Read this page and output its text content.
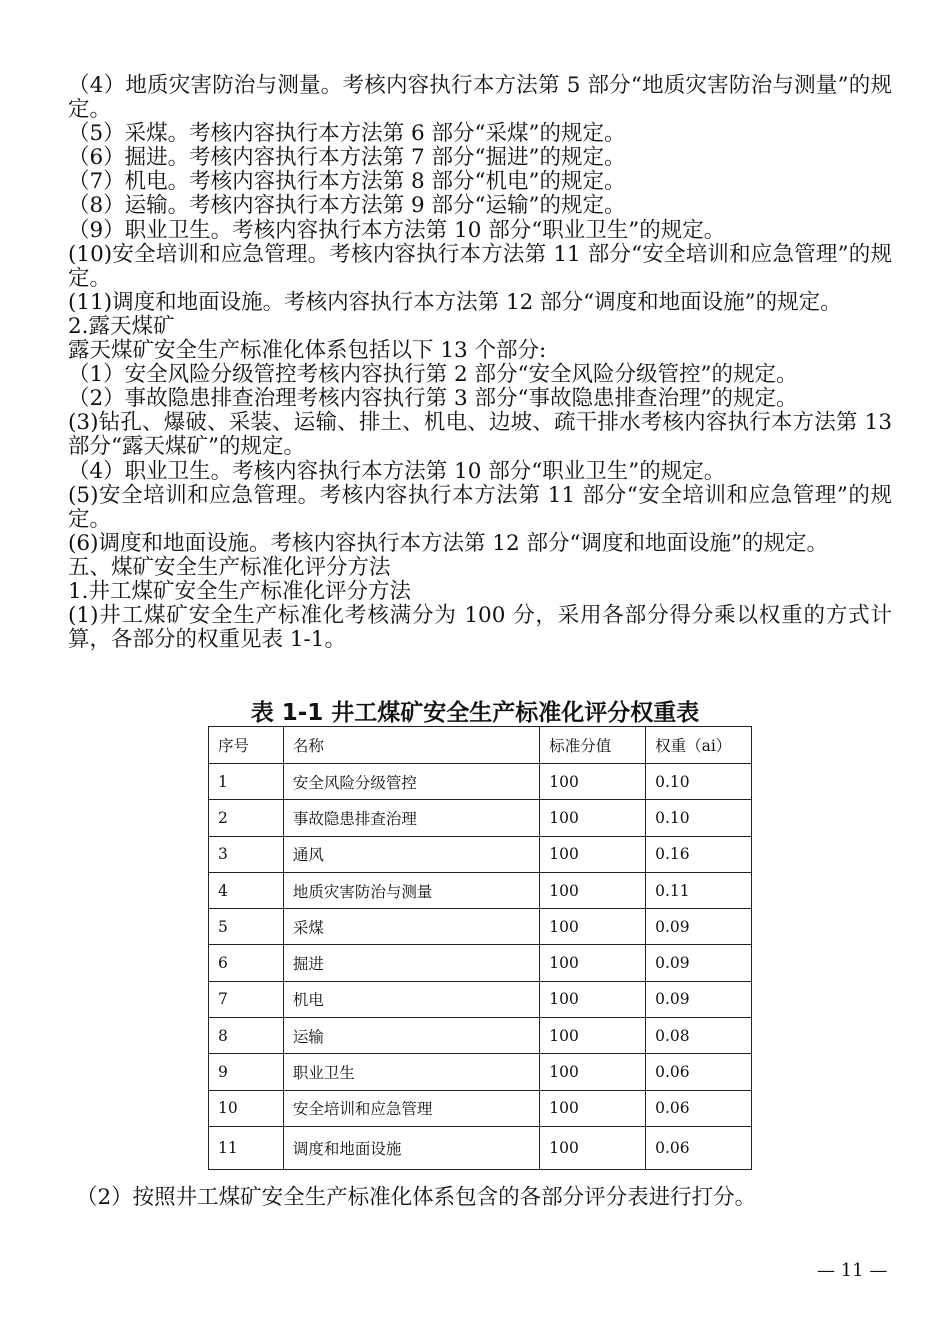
（4）地质灾害防治与测量。考核内容执行本方法第 5 部分“地质灾害防治与测量”的规定。

（5）采煤。考核内容执行本方法第 6 部分“采煤”的规定。

（6）掘进。考核内容执行本方法第 7 部分“掘进”的规定。

（7）机电。考核内容执行本方法第 8 部分“机电”的规定。

（8）运输。考核内容执行本方法第 9 部分“运输”的规定。

（9）职业卫生。考核内容执行本方法第 10 部分“职业卫生”的规定。

(10)安全培训和应急管理。考核内容执行本方法第 11 部分“安全培训和应急管理”的规定。

(11)调度和地面设施。考核内容执行本方法第 12 部分“调度和地面设施”的规定。

2.露天煤矿

露天煤矿安全生产标准化体系包括以下 13 个部分:

（1）安全风险分级管控考核内容执行第 2 部分“安全风险分级管控”的规定。

（2）事故隐患排查治理考核内容执行第 3 部分“事故隐患排查治理”的规定。

(3)钻孔、爆破、采装、运输、排土、机电、边坡、疏干排水考核内容执行本方法第 13 部分“露天煤矿”的规定。

（4）职业卫生。考核内容执行本方法第 10 部分“职业卫生”的规定。

(5)安全培训和应急管理。考核内容执行本方法第 11 部分“安全培训和应急管理”的规定。

(6)调度和地面设施。考核内容执行本方法第 12 部分“调度和地面设施”的规定。

五、煤矿安全生产标准化评分方法

1.井工煤矿安全生产标准化评分方法

(1)井工煤矿安全生产标准化考核满分为 100 分，采用各部分得分乘以权重的方式计算，各部分的权重见表 1-1。

表 1-1 井工煤矿安全生产标准化评分权重表
序号	名称	标准分值	权重（ai）
1	安全风险分级管控	100	0.10
2	事故隐患排查治理	100	0.10
3	通风	100	0.16
4	地质灾害防治与测量	100	0.11
5	采煤	100	0.09
6	掘进	100	0.09
7	机电	100	0.09
8	运输	100	0.08
9	职业卫生	100	0.06
10	安全培训和应急管理	100	0.06
11	调度和地面设施	100	0.06

（2）按照井工煤矿安全生产标准化体系包含的各部分评分表进行打分。

— 11 —
